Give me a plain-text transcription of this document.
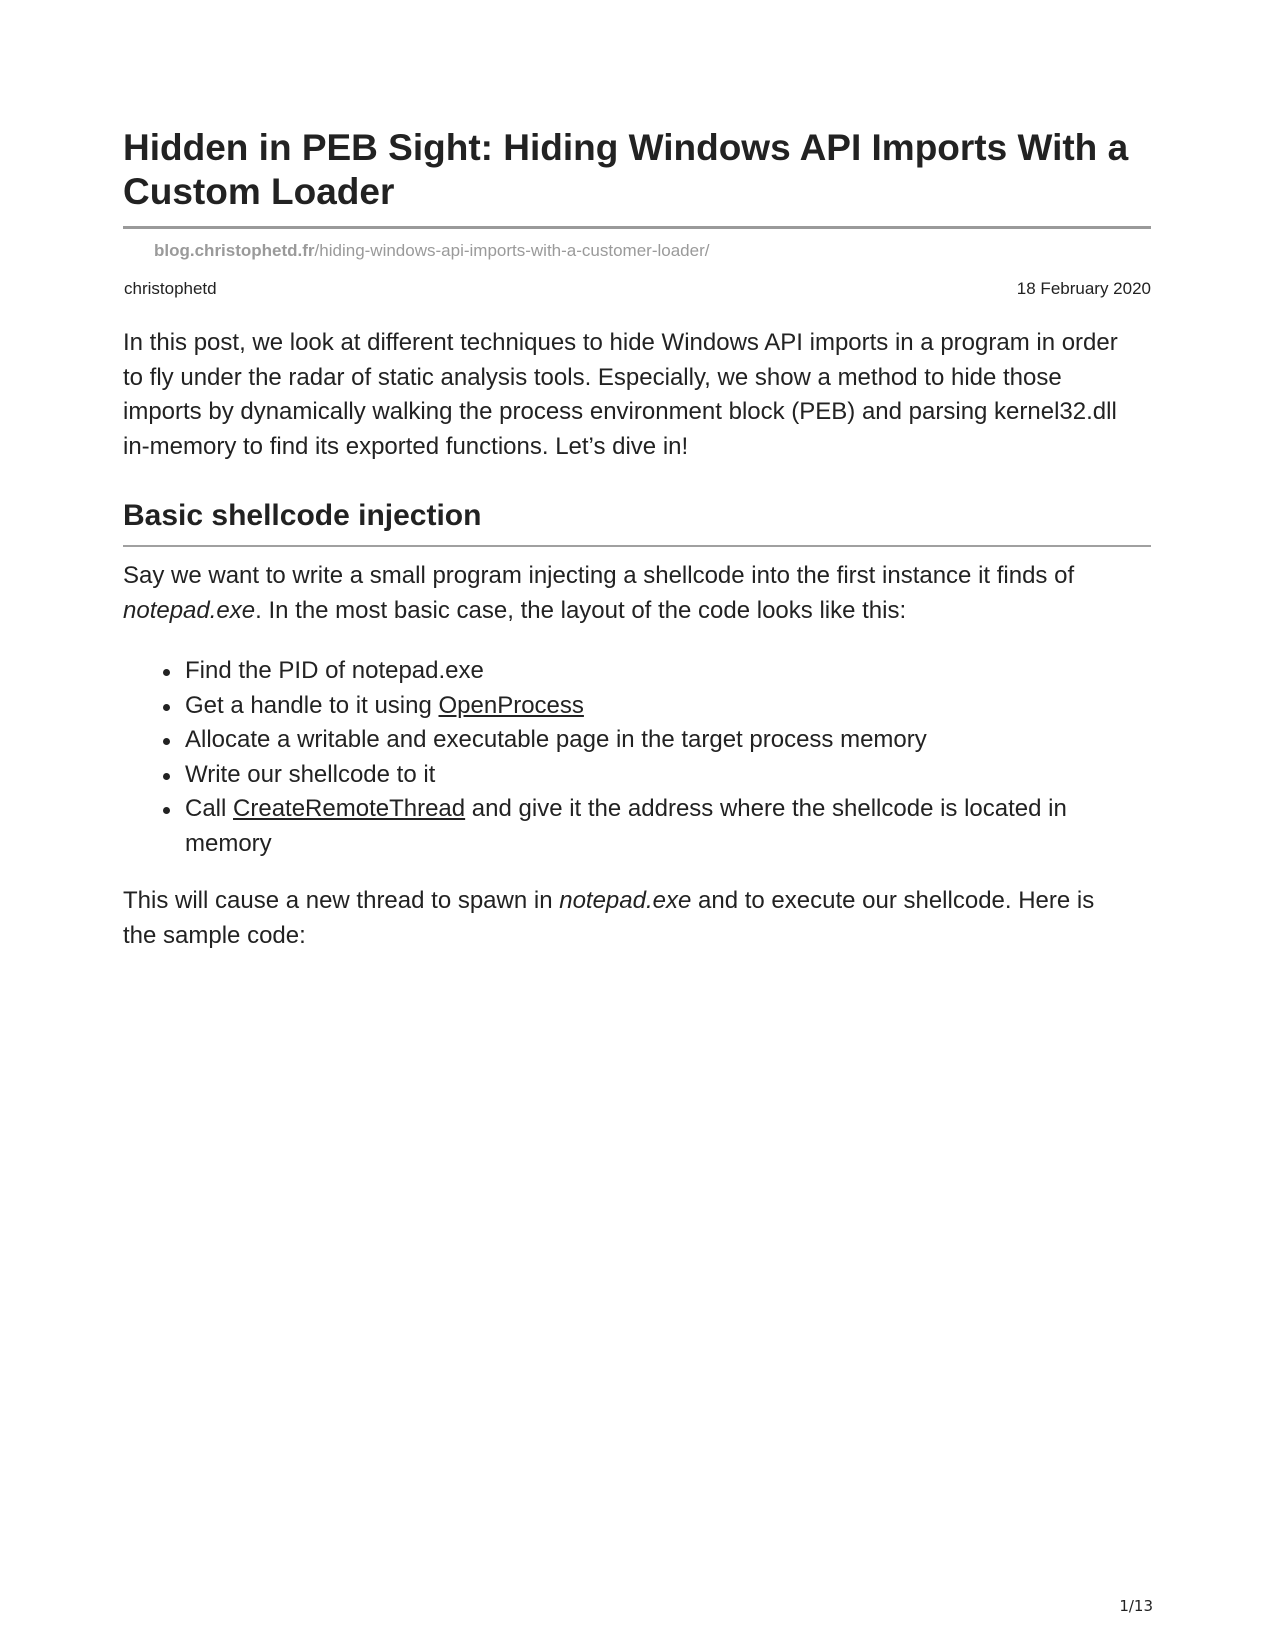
Hidden in PEB Sight: Hiding Windows API Imports With a Custom Loader
blog.christophetd.fr/hiding-windows-api-imports-with-a-customer-loader/
christophetd	18 February 2020

In this post, we look at different techniques to hide Windows API imports in a program in order to fly under the radar of static analysis tools. Especially, we show a method to hide those imports by dynamically walking the process environment block (PEB) and parsing kernel32.dll in-memory to find its exported functions. Let’s dive in!

Basic shellcode injection

Say we want to write a small program injecting a shellcode into the first instance it finds of notepad.exe. In the most basic case, the layout of the code looks like this:

Find the PID of notepad.exe
Get a handle to it using OpenProcess
Allocate a writable and executable page in the target process memory
Write our shellcode to it
Call CreateRemoteThread and give it the address where the shellcode is located in memory

This will cause a new thread to spawn in notepad.exe and to execute our shellcode. Here is the sample code:

1/13
